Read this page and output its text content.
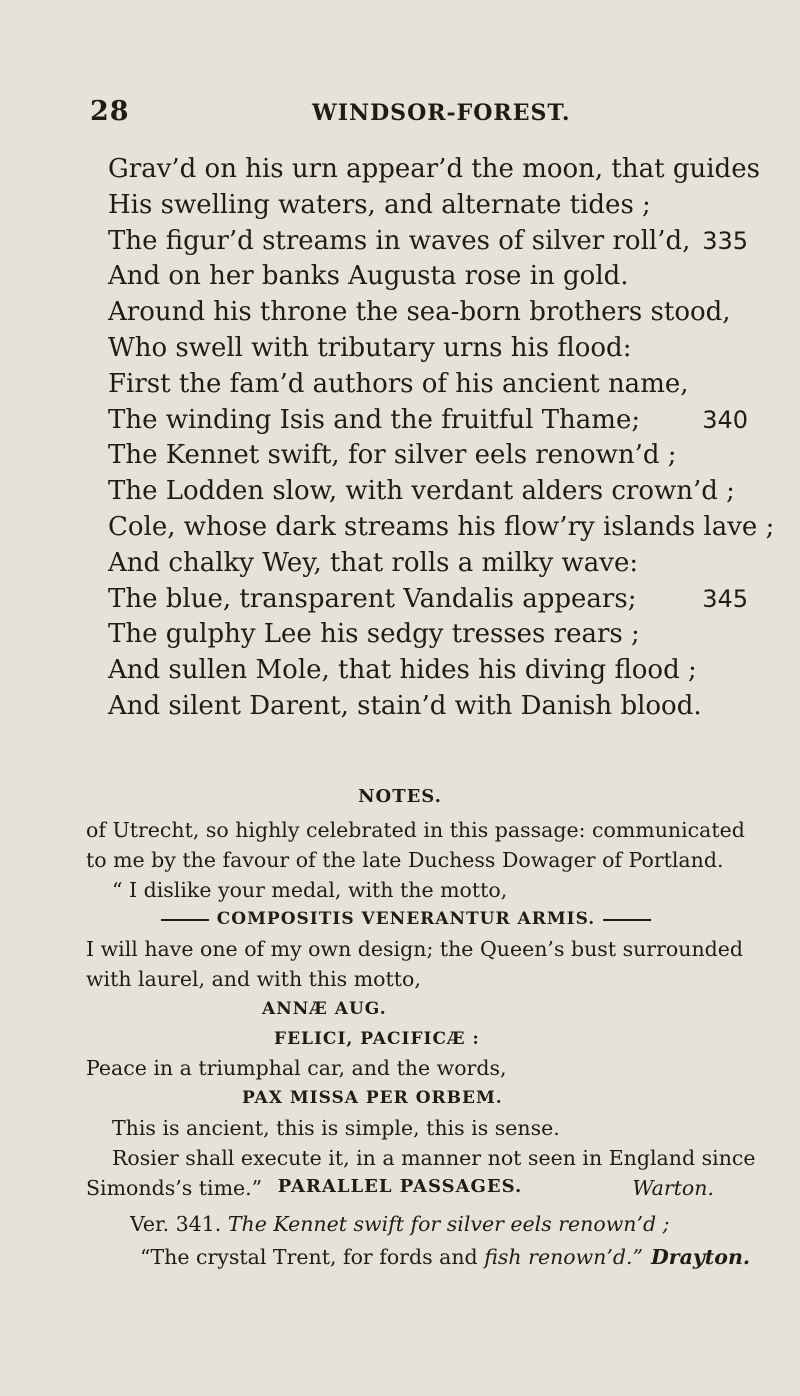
28	WINDSOR-FOREST.
Grav’d on his urn appear’d the moon, that guides
His swelling waters, and alternate tides ;
The figur’d streams in waves of silver roll’d, 335
And on her banks Augusta rose in gold.
Around his throne the sea-born brothers stood,
Who swell with tributary urns his flood:
First the fam’d authors of his ancient name,
The winding Isis and the fruitful Thame;	340
The Kennet swift, for silver eels renown’d ;
The Lodden slow, with verdant alders crown’d ;
Cole, whose dark streams his flow’ry islands lave ;
And chalky Wey, that rolls a milky wave:
The blue, transparent Vandalis appears;	345
The gulphy Lee his sedgy tresses rears ;
And sullen Mole, that hides his diving flood ;
And silent Darent, stain’d with Danish blood.
NOTES.
of Utrecht, so highly celebrated in this passage: communicated
to me by the favour of the late Duchess Dowager of Portland.
“ I dislike your medal, with the motto,
COMPOSITIS VENERANTUR ARMIS.
I will have one of my own design; the Queen’s bust surrounded
with laurel, and with this motto,
ANNÆ AUG.
FELICI, PACIFICÆ :
Peace in a triumphal car, and the words,
PAX MISSA PER ORBEM.
This is ancient, this is simple, this is sense.
Rosier shall execute it, in a manner not seen in England since
Simonds’s time.”	Warton.
PARALLEL PASSAGES.
Ver. 341. The Kennet swift for silver eels renown’d ;
“The crystal Trent, for fords and fish renown’d.” Drayton.
